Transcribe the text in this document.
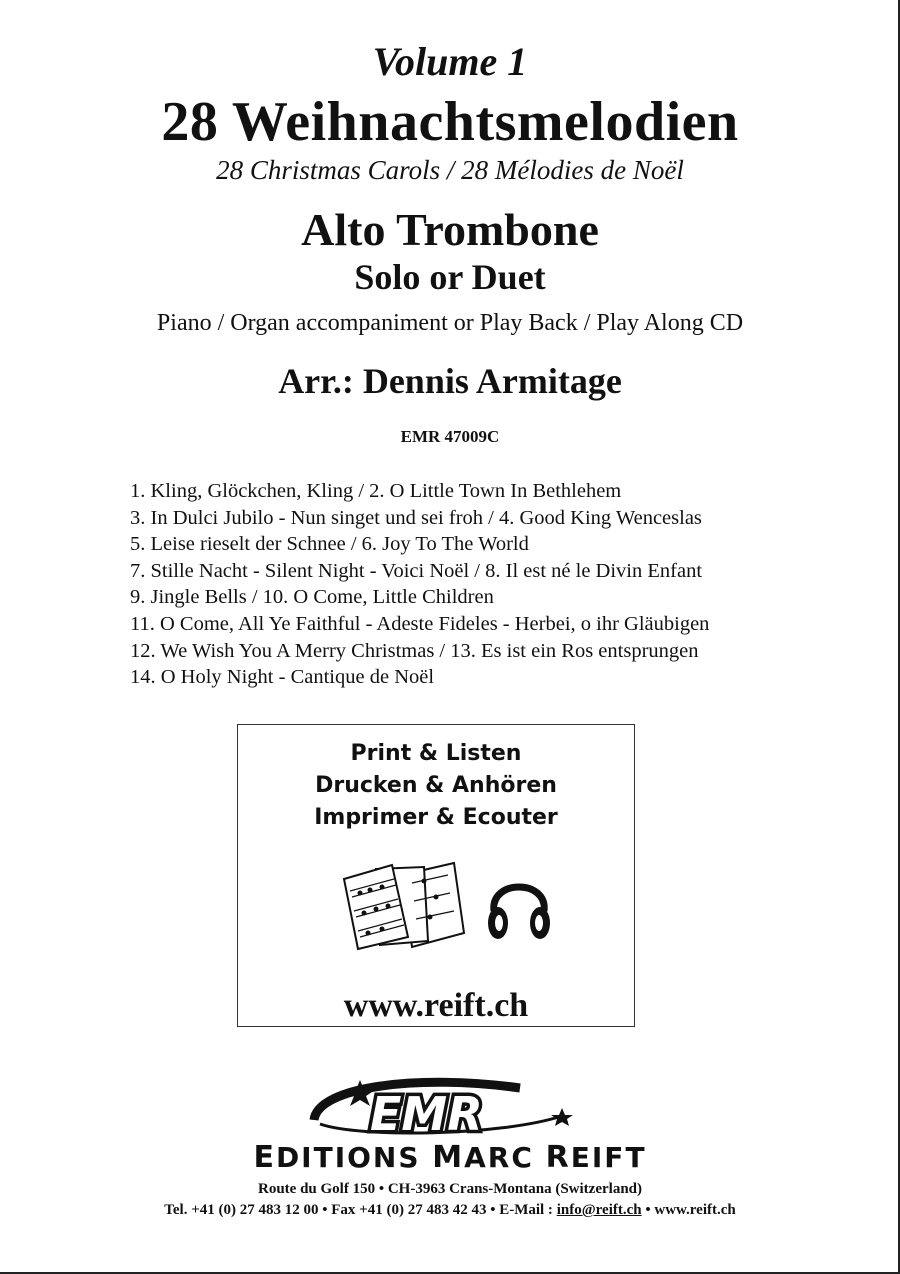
Volume 1
28 Weihnachtsmelodien
28 Christmas Carols / 28 Mélodies de Noël
Alto Trombone
Solo or Duet
Piano / Organ accompaniment or Play Back / Play Along CD
Arr.: Dennis Armitage
EMR 47009C
1. Kling, Glöckchen, Kling / 2. O Little Town In Bethlehem
3. In Dulci Jubilo - Nun singet und sei froh / 4. Good King Wenceslas
5. Leise rieselt der Schnee / 6. Joy To The World
7. Stille Nacht - Silent Night - Voici Noël / 8. Il est né le Divin Enfant
9. Jingle Bells / 10. O Come, Little Children
11. O Come, All Ye Faithful - Adeste Fideles - Herbei, o ihr Gläubigen
12. We Wish You A Merry Christmas / 13. Es ist ein Ros entsprungen
14. O Holy Night - Cantique de Noël
Print & Listen
Drucken & Anhören
Imprimer & Ecouter
www.reift.ch
EMR
EDITIONS MARC REIFT
Route du Golf 150 • CH-3963 Crans-Montana (Switzerland)
Tel. +41 (0) 27 483 12 00 • Fax +41 (0) 27 483 42 43 • E-Mail : info@reift.ch • www.reift.ch
